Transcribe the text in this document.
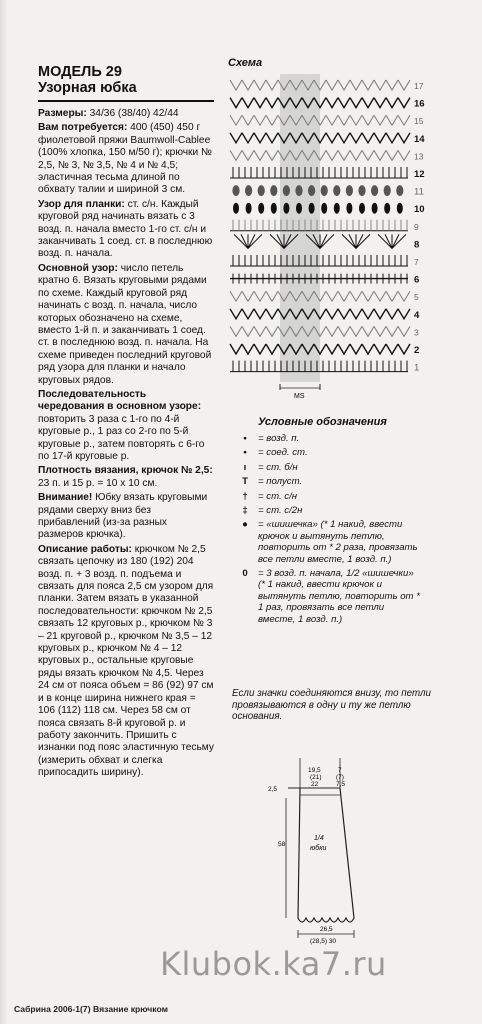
МОДЕЛЬ 29

Узорная юбка

Размеры: 34/36 (38/40) 42/44

Вам потребуется: 400 (450) 450 г фиолетовой пряжи Baumwoll-Cablee (100% хлопка, 150 м/50 г); крючки № 2,5, № 3, № 3,5, № 4 и № 4,5; эластичная тесьма длиной по обхвату талии и шириной 3 см.

Узор для планки: ст. с/н. Каждый круговой ряд начинать вязать с 3 возд. п. начала вместо 1-го ст. с/н и заканчивать 1 соед. ст. в последнюю возд. п. начала.

Основной узор: число петель кратно 6. Вязать круговыми рядами по схеме. Каждый круговой ряд начинать с возд. п. начала, число которых обозначено на схеме, вместо 1-й п. и заканчивать 1 соед. ст. в последнюю возд. п. начала. На схеме приведен последний круговой ряд узора для планки и начало круговых рядов.

Последовательность чередования в основном узоре: повторить 3 раза с 1-го по 4-й круговые р., 1 раз со 2-го по 5-й круговые р., затем повторять с 6-го по 17-й круговые р.

Плотность вязания, крючок № 2,5: 23 п. и 15 р. = 10 х 10 см.

Внимание! Юбку вязать круговыми рядами сверху вниз без прибавлений (из-за разных размеров крючка).

Описание работы: крючком № 2,5 связать цепочку из 180 (192) 204 возд. п. + 3 возд. п. подъема и связать для пояса 2,5 см узором для планки. Затем вязать в указанной последовательности: крючком № 2,5 связать 12 круговых р., крючком № 3 – 21 круговой р., крючком № 3,5 – 12 круговых р., крючком № 4 – 12 круговых р., остальные круговые ряды вязать крючком № 4,5. Через 24 см от пояса объем = 86 (92) 97 см и в конце ширина нижнего края = 106 (112) 118 см. Через 58 см от пояса связать 8-й круговой р. и работу закончить. Пришить с изнанки под пояс эластичную тесьму (измерить обхват и слегка припосадить ширину).

Схема
17
16
15
14
13
12
11
10
9
8
7
6
5
4
3
2
1
MS
Условные обозначения
•	= возд. п.
•	= соед. ст.
ı	= ст. б/н
T	= полуст.
†	= ст. с/н
‡	= ст. с/2н
●	= «шишечка» (* 1 накид, ввести крючок и вытянуть петлю, повторить от * 2 раза, провязать все петли вместе, 1 возд. п.)
0	= 3 возд. п. начала, 1/2 «шишечки» (* 1 накид, ввести крючок и вытянуть петлю, повторить от * 1 раз, провязать все петли вместе, 1 возд. п.)
Если значки соединяются внизу, то петли провязываются в одну и ту же петлю основания.
19,5
(21)
22
7
(7)
7,5
2,5
58
1/4
юбки
26,5
(28,5) 30
Klubok.ka7.ru
Сабрина 2006-1(7) Вязание крючком
